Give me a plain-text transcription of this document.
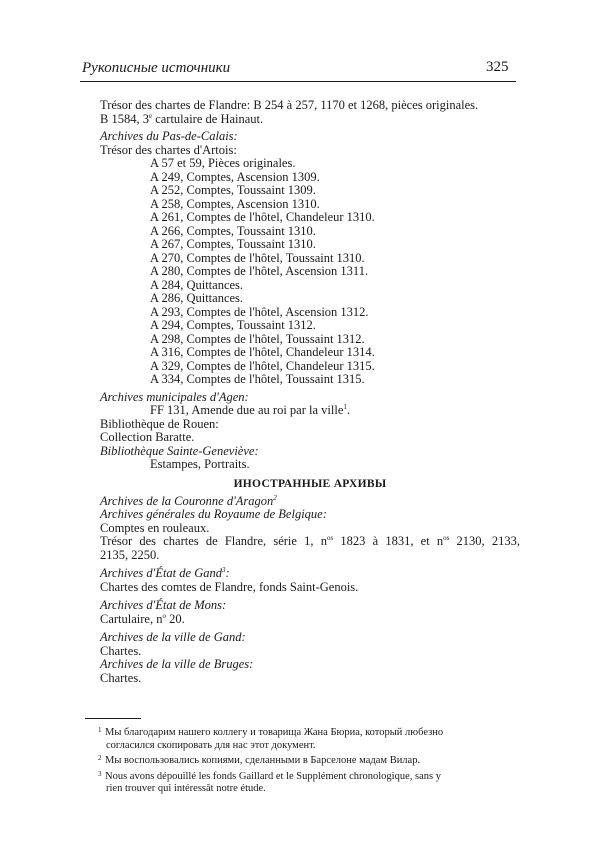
Рукописные источники	325
Trésor des chartes de Flandre: B 254 à 257, 1170 et 1268, pièces originales.
B 1584, 3e cartulaire de Hainaut.
Archives du Pas-de-Calais:
Trésor des chartes d'Artois:
A 57 et 59, Pièces originales.
A 249, Comptes, Ascension 1309.
A 252, Comptes, Toussaint 1309.
A 258, Comptes, Ascension 1310.
A 261, Comptes de l'hôtel, Chandeleur 1310.
A 266, Comptes, Toussaint 1310.
A 267, Comptes, Toussaint 1310.
A 270, Comptes de l'hôtel, Toussaint 1310.
A 280, Comptes de l'hôtel, Ascension 1311.
A 284, Quittances.
A 286, Quittances.
A 293, Comptes de l'hôtel, Ascension 1312.
A 294, Comptes, Toussaint 1312.
A 298, Comptes de l'hôtel, Toussaint 1312.
A 316, Comptes de l'hôtel, Chandeleur 1314.
A 329, Comptes de l'hôtel, Chandeleur 1315.
A 334, Comptes de l'hôtel, Toussaint 1315.
Archives municipales d'Agen:
FF 131, Amende due au roi par la ville$^1$.
Bibliothèque de Rouen:
Collection Baratte.
Bibliothèque Sainte-Geneviève:
Estampes, Portraits.
ИНОСТРАННЫЕ АРХИВЫ
Archives de la Couronne d'Aragon$^2$
Archives générales du Royaume de Belgique:
Comptes en rouleaux.
Trésor des chartes de Flandre, série 1, $n^{os}$ 1823 à 1831, et $n^{os}$ 2130, 2133,
2135, 2250.
Archives d'État de Gand$^3$:
Chartes des comtes de Flandre, fonds Saint-Genois.
Archives d'État de Mons:
Cartulaire, $n^o$ 20.
Archives de la ville de Gand:
Chartes.
Archives de la ville de Bruges:
Chartes.
1 Мы благодарим нашего коллегу и товарища Жана Бюриа, который любезно
согласился скопировать для нас этот документ.
2 Мы воспользовались копиями, сделанными в Барселоне мадам Вилар.
3 Nous avons dépouillé les fonds Gaillard et le Supplément chronologique, sans y
rien trouver qui intéressât notre étude.
